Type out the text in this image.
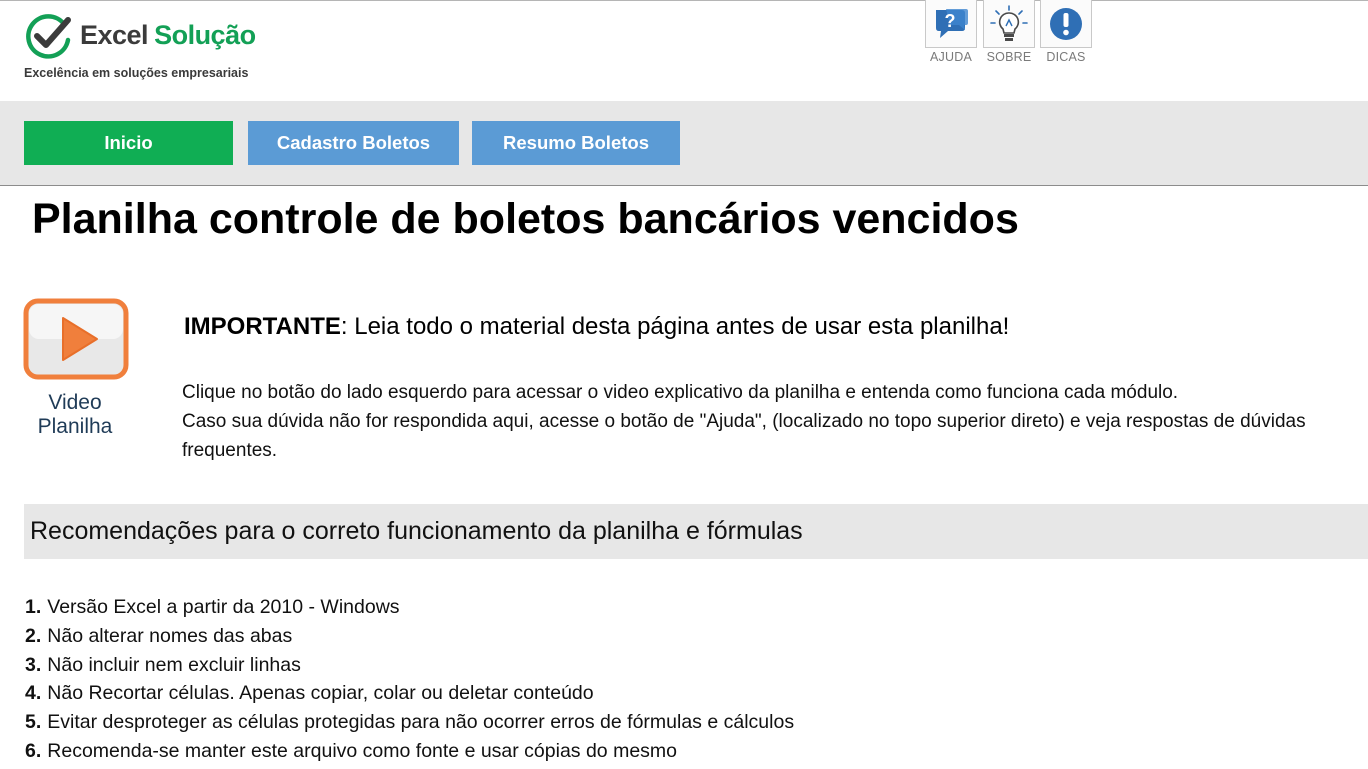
Excel Solução
Excelência em soluções empresariais
?
AJUDA	SOBRE	DICAS
Inicio	Cadastro Boletos	Resumo Boletos
Planilha controle de boletos bancários vencidos
Video
Planilha
IMPORTANTE: Leia todo o material desta página antes de usar esta planilha!
Clique no botão do lado esquerdo para acessar o video explicativo da planilha e entenda como funciona cada módulo.
Caso sua dúvida não for respondida aqui, acesse o botão de "Ajuda", (localizado no topo superior direto) e veja respostas de dúvidas frequentes.
Recomendações para o correto funcionamento da planilha e fórmulas
1. Versão Excel a partir da 2010 - Windows
2. Não alterar nomes das abas
3. Não incluir nem excluir linhas
4. Não Recortar células. Apenas copiar, colar ou deletar conteúdo
5. Evitar desproteger as células protegidas para não ocorrer erros de fórmulas e cálculos
6. Recomenda-se manter este arquivo como fonte e usar cópias do mesmo
